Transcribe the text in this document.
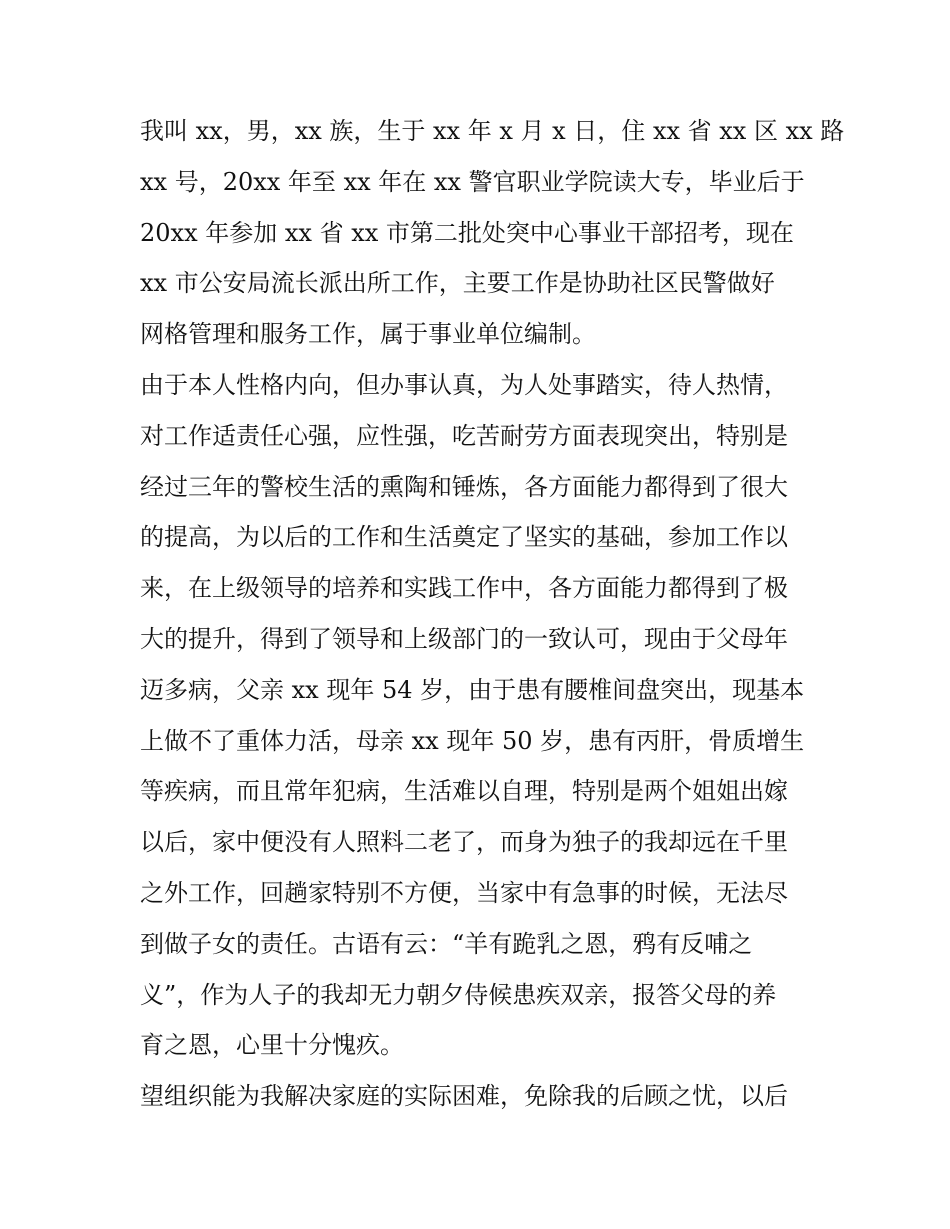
我叫 xx，男，xx 族，生于 xx 年 x 月 x 日，住 xx 省 xx 区 xx 路
xx 号，20xx 年至 xx 年在 xx 警官职业学院读大专，毕业后于
20xx 年参加 xx 省 xx 市第二批处突中心事业干部招考，现在
xx 市公安局流长派出所工作，主要工作是协助社区民警做好
网格管理和服务工作，属于事业单位编制。
由于本人性格内向，但办事认真，为人处事踏实，待人热情，
对工作适责任心强，应性强，吃苦耐劳方面表现突出，特别是
经过三年的警校生活的熏陶和锤炼，各方面能力都得到了很大
的提高，为以后的工作和生活奠定了坚实的基础，参加工作以
来，在上级领导的培养和实践工作中，各方面能力都得到了极
大的提升，得到了领导和上级部门的一致认可，现由于父母年
迈多病，父亲 xx 现年 54 岁，由于患有腰椎间盘突出，现基本
上做不了重体力活，母亲 xx 现年 50 岁，患有丙肝，骨质增生
等疾病，而且常年犯病，生活难以自理，特别是两个姐姐出嫁
以后，家中便没有人照料二老了，而身为独子的我却远在千里
之外工作，回趟家特别不方便，当家中有急事的时候，无法尽
到做子女的责任。古语有云：“羊有跪乳之恩，鸦有反哺之
义”，作为人子的我却无力朝夕侍候患疾双亲，报答父母的养
育之恩，心里十分愧疚。
望组织能为我解决家庭的实际困难，免除我的后顾之忧，以后
